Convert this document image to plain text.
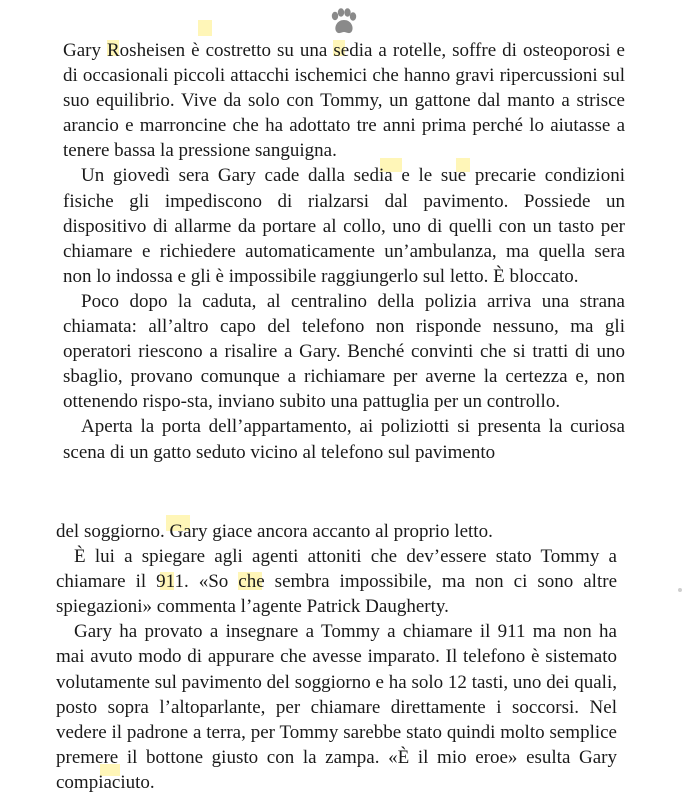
Gary Rosheisen è costretto su una sedia a rotelle, soffre di osteoporosi e di occasionali piccoli attacchi ischemici che hanno gravi ripercussioni sul suo equilibrio. Vive da solo con Tommy, un gattone dal manto a strisce arancio e marroncine che ha adottato tre anni prima perché lo aiutasse a tenere bassa la pressione sanguigna.

Un giovedì sera Gary cade dalla sedia e le sue precarie condizioni fisiche gli impediscono di rialzarsi dal pavimento. Possiede un dispositivo di allarme da portare al collo, uno di quelli con un tasto per chiamare e richiedere automaticamente un’ambulanza, ma quella sera non lo indossa e gli è impossibile raggiungerlo sul letto. È bloccato.

Poco dopo la caduta, al centralino della polizia arriva una strana chiamata: all’altro capo del telefono non risponde nessuno, ma gli operatori riescono a risalire a Gary. Benché convinti che si tratti di uno sbaglio, provano comunque a richiamare per averne la certezza e, non ottenendo rispo-sta, inviano subito una pattuglia per un controllo.

Aperta la porta dell’appartamento, ai poliziotti si presenta la curiosa scena di un gatto seduto vicino al telefono sul pavimento

del soggiorno. Gary giace ancora accanto al proprio letto.

È lui a spiegare agli agenti attoniti che dev’essere stato Tommy a chiamare il 911. «So che sembra impossibile, ma non ci sono altre spiegazioni» commenta l’agente Patrick Daugherty.

Gary ha provato a insegnare a Tommy a chiamare il 911 ma non ha mai avuto modo di appurare che avesse imparato. Il telefono è sistemato volutamente sul pavimento del soggiorno e ha solo 12 tasti, uno dei quali, posto sopra l’altoparlante, per chiamare direttamente i soccorsi. Nel vedere il padrone a terra, per Tommy sarebbe stato quindi molto semplice premere il bottone giusto con la zampa. «È il mio eroe» esulta Gary compiaciuto.
